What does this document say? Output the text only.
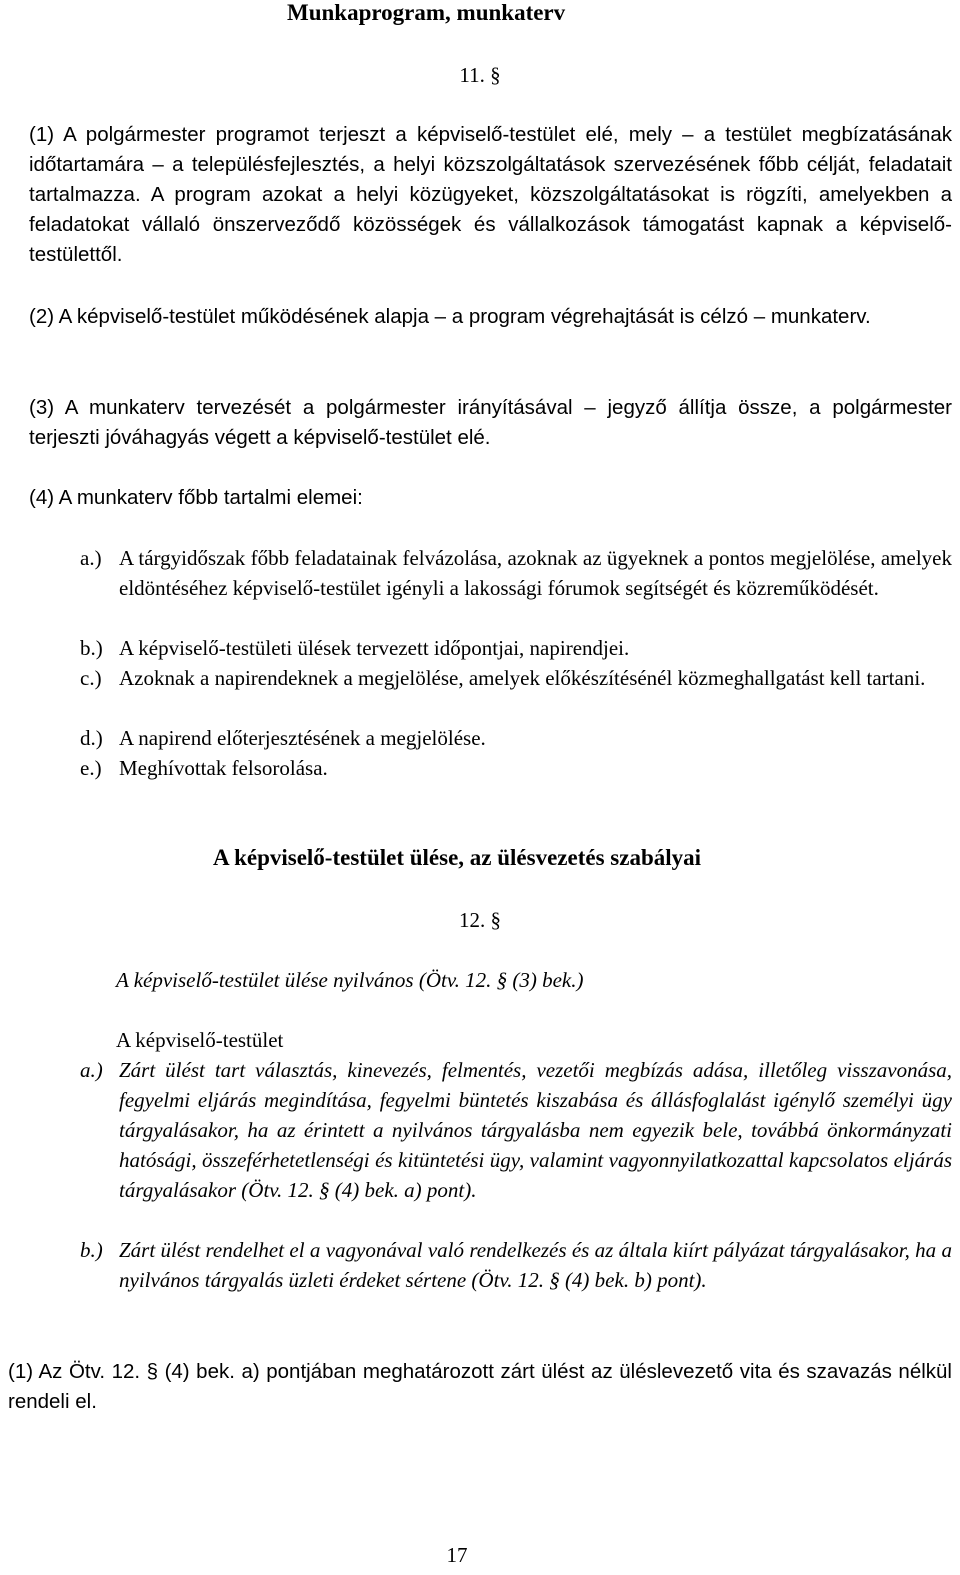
Munkaprogram, munkaterv
11. §
(1) A polgármester programot terjeszt a képviselő-testület elé, mely – a testület megbízatásának időtartamára – a településfejlesztés, a helyi közszolgáltatások szervezésének főbb célját, feladatait tartalmazza. A program azokat a helyi közügyeket, közszolgáltatásokat is rögzíti, amelyekben a feladatokat vállaló önszerveződő közösségek és vállalkozások támogatást kapnak a képviselő-testülettől.
(2) A képviselő-testület működésének alapja – a program végrehajtását is célzó – munkaterv.
(3) A munkaterv tervezését a polgármester irányításával – jegyző állítja össze, a polgármester terjeszti jóváhagyás végett a képviselő-testület elé.
(4) A munkaterv főbb tartalmi elemei:
a.) A tárgyidőszak főbb feladatainak felvázolása, azoknak az ügyeknek a pontos megjelölése, amelyek eldöntéséhez képviselő-testület igényli a lakossági fórumok segítségét és közreműködését.
b.) A képviselő-testületi ülések tervezett időpontjai, napirendjei.
c.) Azoknak a napirendeknek a megjelölése, amelyek előkészítésénél közmeghallgatást kell tartani.
d.) A napirend előterjesztésének a megjelölése.
e.) Meghívottak felsorolása.
A képviselő-testület ülése, az ülésvezetés szabályai
12. §
A képviselő-testület ülése nyilvános (Ötv. 12. § (3) bek.)
A képviselő-testület
a.) Zárt ülést tart választás, kinevezés, felmentés, vezetői megbízás adása, illetőleg visszavonása, fegyelmi eljárás megindítása, fegyelmi büntetés kiszabása és állásfoglalást igénylő személyi ügy tárgyalásakor, ha az érintett a nyilvános tárgyalásba nem egyezik bele, továbbá önkormányzati hatósági, összeférhetetlenségi és kitüntetési ügy, valamint vagyonnyilatkozattal kapcsolatos eljárás tárgyalásakor (Ötv. 12. § (4) bek. a) pont).
b.) Zárt ülést rendelhet el a vagyonával való rendelkezés és az általa kiírt pályázat tárgyalásakor, ha a nyilvános tárgyalás üzleti érdeket sértene (Ötv. 12. § (4) bek. b) pont).
(1) Az Ötv. 12. § (4) bek. a) pontjában meghatározott zárt ülést az üléslevezető vita és szavazás nélkül rendeli el.
17
